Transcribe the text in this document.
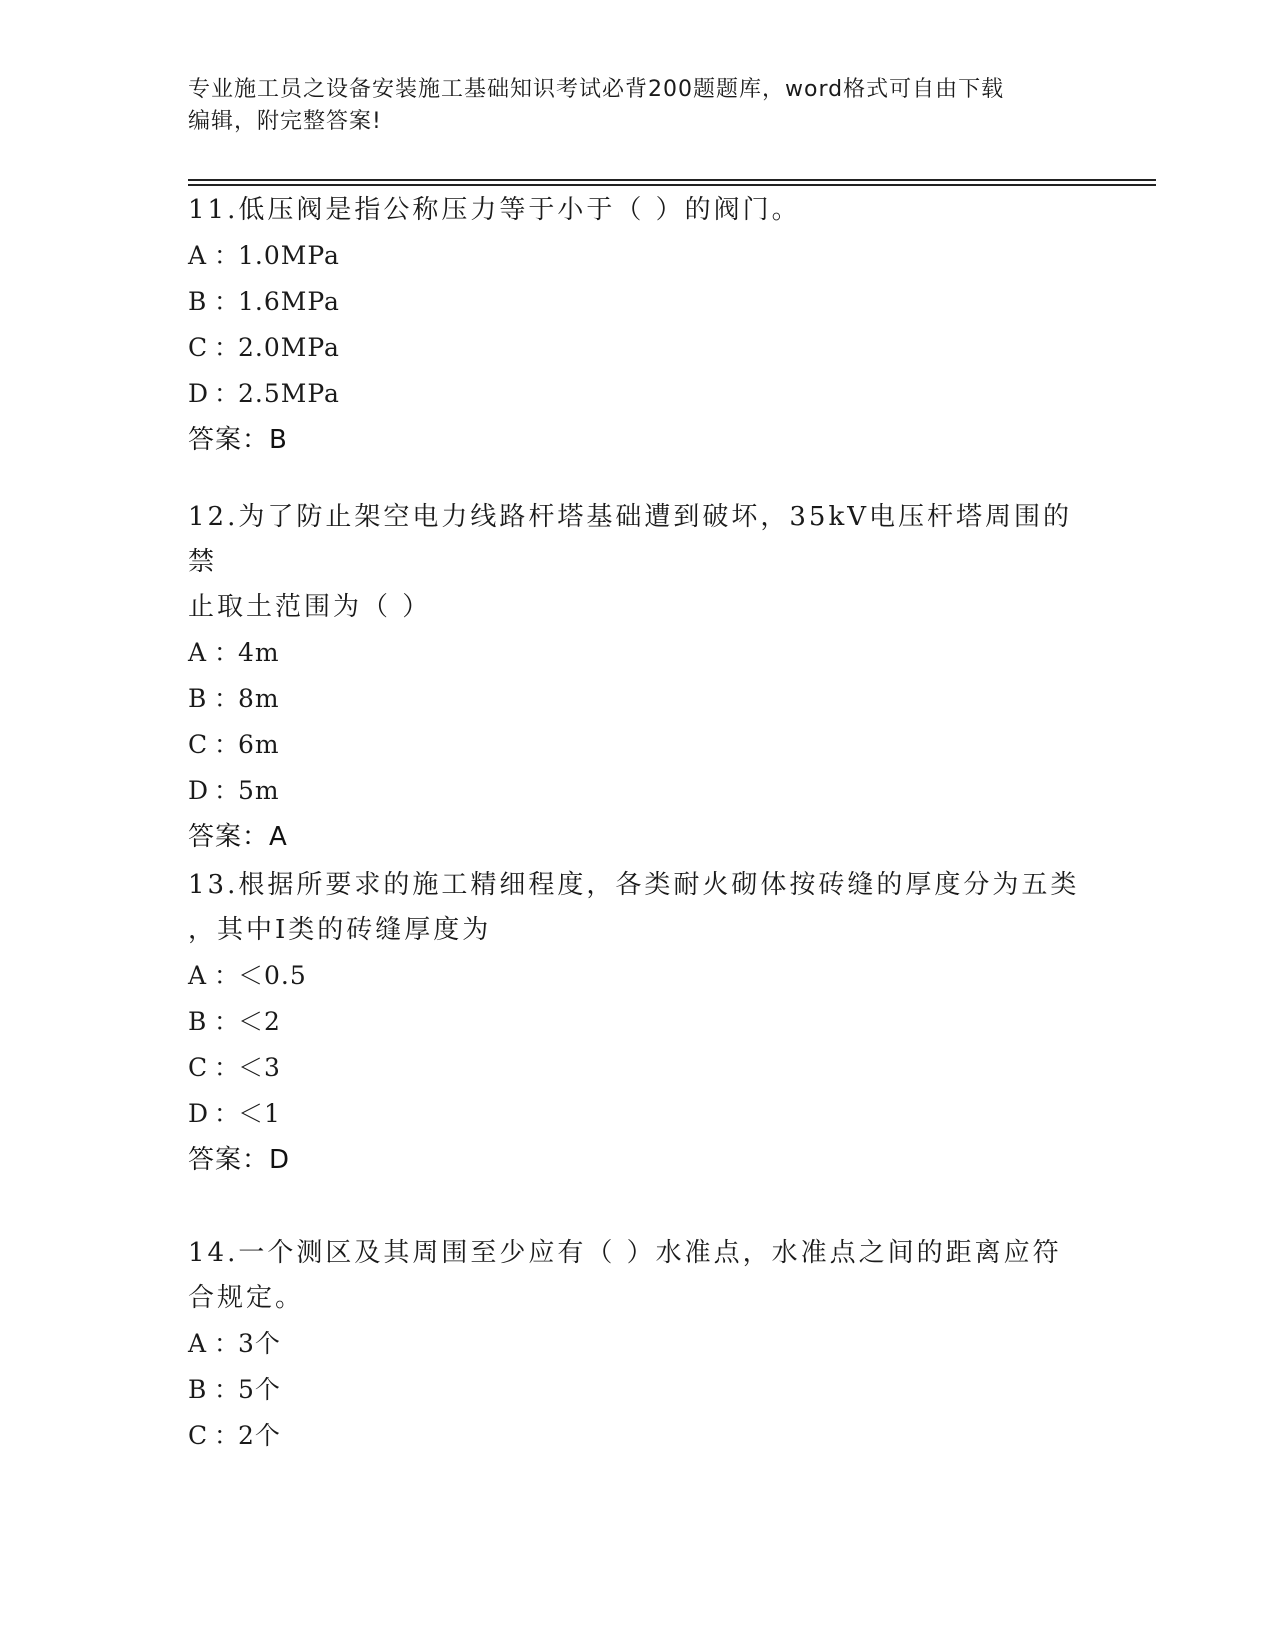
专业施工员之设备安装施工基础知识考试必背200题题库，word格式可自由下载
编辑，附完整答案!
11.低压阀是指公称压力等于小于（ ）的阀门。
A ：1.0MPa
B ：1.6MPa
C ：2.0MPa
D ：2.5MPa
答案：B
12.为了防止架空电力线路杆塔基础遭到破坏，35kV电压杆塔周围的禁
止取土范围为（ ）
A ：4m
B ：8m
C ：6m
D ：5m
答案：A
13.根据所要求的施工精细程度，各类耐火砌体按砖缝的厚度分为五类
，其中Ⅰ类的砖缝厚度为
A ：＜0.5
B ：＜2
C ：＜3
D ：＜1
答案：D
14.一个测区及其周围至少应有（ ）水准点，水准点之间的距离应符
合规定。
A ：3个
B ：5个
C ：2个
